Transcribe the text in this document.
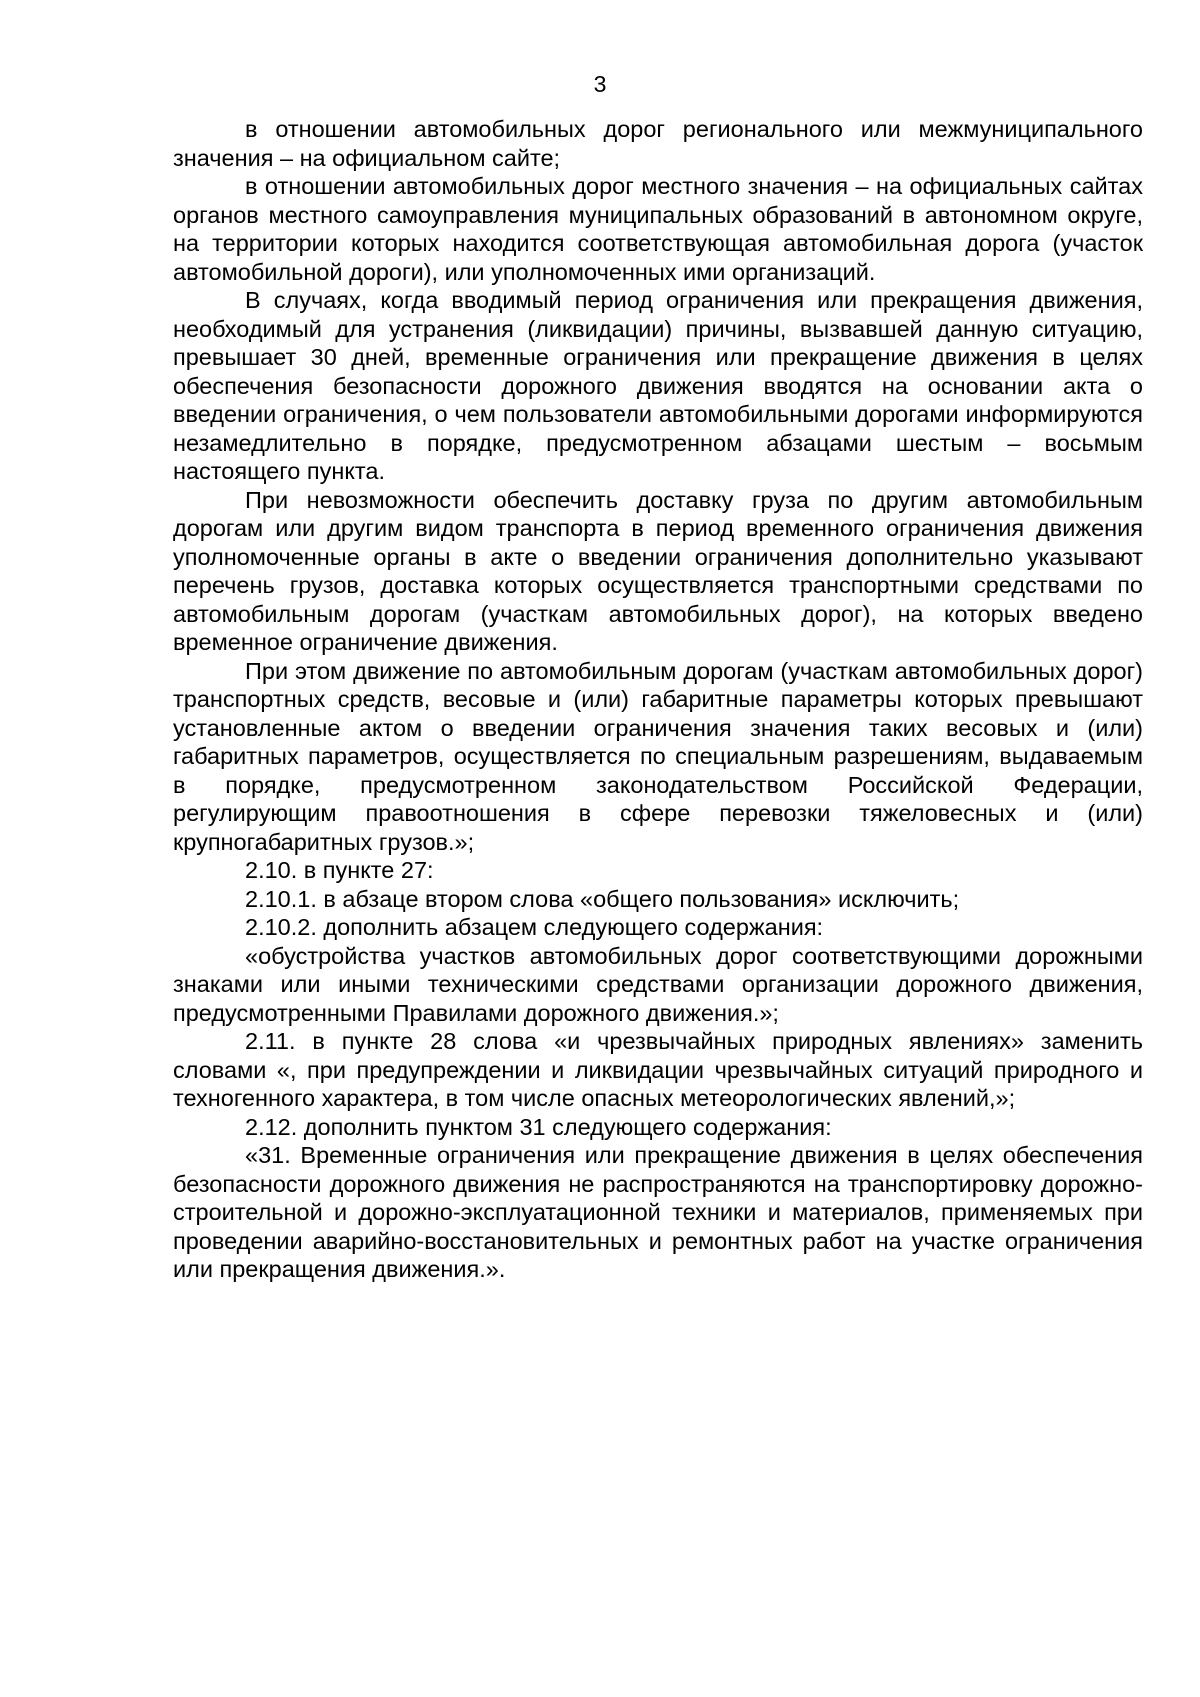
3

в отношении автомобильных дорог регионального или межмуниципального значения – на официальном сайте;

в отношении автомобильных дорог местного значения – на официальных сайтах органов местного самоуправления муниципальных образований в автономном округе, на территории которых находится соответствующая автомобильная дорога (участок автомобильной дороги), или уполномоченных ими организаций.

В случаях, когда вводимый период ограничения или прекращения движения, необходимый для устранения (ликвидации) причины, вызвавшей данную ситуацию, превышает 30 дней, временные ограничения или прекращение движения в целях обеспечения безопасности дорожного движения вводятся на основании акта о введении ограничения, о чем пользователи автомобильными дорогами информируются незамедлительно в порядке, предусмотренном абзацами шестым – восьмым настоящего пункта.

При невозможности обеспечить доставку груза по другим автомобильным дорогам или другим видом транспорта в период временного ограничения движения уполномоченные органы в акте о введении ограничения дополнительно указывают перечень грузов, доставка которых осуществляется транспортными средствами по автомобильным дорогам (участкам автомобильных дорог), на которых введено временное ограничение движения.

При этом движение по автомобильным дорогам (участкам автомобильных дорог) транспортных средств, весовые и (или) габаритные параметры которых превышают установленные актом о введении ограничения значения таких весовых и (или) габаритных параметров, осуществляется по специальным разрешениям, выдаваемым в порядке, предусмотренном законодательством Российской Федерации, регулирующим правоотношения в сфере перевозки тяжеловесных и (или) крупногабаритных грузов.»;

2.10. в пункте 27:

2.10.1. в абзаце втором слова «общего пользования» исключить;

2.10.2. дополнить абзацем следующего содержания:

«обустройства участков автомобильных дорог соответствующими дорожными знаками или иными техническими средствами организации дорожного движения, предусмотренными Правилами дорожного движения.»;

2.11. в пункте 28 слова «и чрезвычайных природных явлениях» заменить словами «, при предупреждении и ликвидации чрезвычайных ситуаций природного и техногенного характера, в том числе опасных метеорологических явлений,»;

2.12. дополнить пунктом 31 следующего содержания:

«31. Временные ограничения или прекращение движения в целях обеспечения безопасности дорожного движения не распространяются на транспортировку дорожно-строительной и дорожно-эксплуатационной техники и материалов, применяемых при проведении аварийно-восстановительных и ремонтных работ на участке ограничения или прекращения движения.».
